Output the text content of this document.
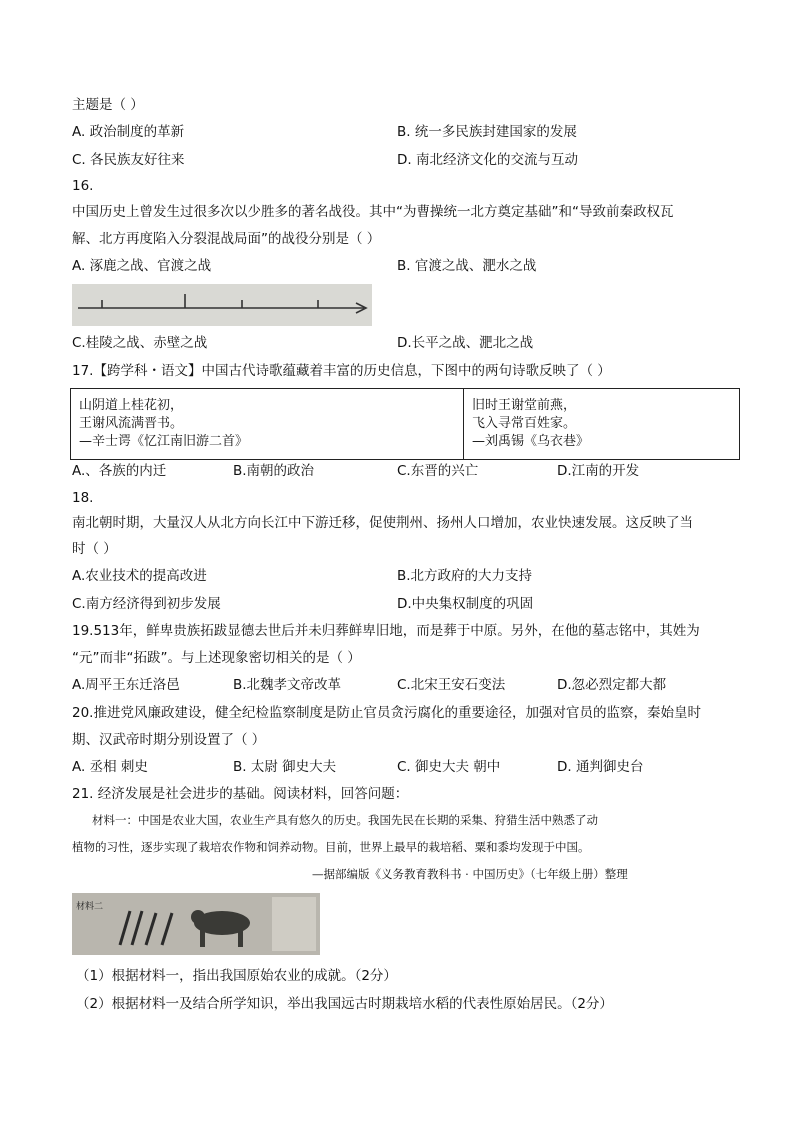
主题是（ ）
A. 政治制度的革新	B. 统一多民族封建国家的发展
C. 各民族友好往来	D. 南北经济文化的交流与互动
16.
中国历史上曾发生过很多次以少胜多的著名战役。其中“为曹操统一北方奠定基础”和“导致前秦政权瓦
解、北方再度陷入分裂混战局面”的战役分别是（ ）
A. 涿鹿之战、官渡之战	B. 官渡之战、淝水之战
C.桂陵之战、赤壁之战	D.长平之战、淝北之战
17.【跨学科・语文】中国古代诗歌蕴藏着丰富的历史信息，下图中的两句诗歌反映了（ ）
山阴道上桂花初，
王谢风流满晋书。
—辛士谔《忆江南旧游二首》
旧时王谢堂前燕，
飞入寻常百姓家。
—刘禹锡《乌衣巷》
A.、各族的内迁	B.南朝的政治	C.东晋的兴亡	D.江南的开发
18.
南北朝时期，大量汉人从北方向长江中下游迁移，促使荆州、扬州人口增加，农业快速发展。这反映了当
时（ ）
A.农业技术的提高改进	B.北方政府的大力支持
C.南方经济得到初步发展	D.中央集权制度的巩固
19.513年，鲜卑贵族拓跋显德去世后并未归葬鲜卑旧地，而是葬于中原。另外，在他的墓志铭中，其姓为
“元”而非“拓跋”。与上述现象密切相关的是（ ）
A.周平王东迁洛邑	B.北魏孝文帝改革	C.北宋王安石变法	D.忽必烈定都大都
20.推进党风廉政建设，健全纪检监察制度是防止官员贪污腐化的重要途径，加强对官员的监察，秦始皇时
期、汉武帝时期分别设置了（ ）
A. 丞相 刺史	B. 太尉 御史大夫	C. 御史大夫 朝中	D. 通判御史台
21. 经济发展是社会进步的基础。阅读材料，回答问题：
材料一：中国是农业大国，农业生产具有悠久的历史。我国先民在长期的采集、狩猎生活中熟悉了动
植物的习性，逐步实现了栽培农作物和饲养动物。目前，世界上最早的栽培稻、粟和黍均发现于中国。
—据部编版《义务教育教科书 · 中国历史》（七年级上册）整理
材料二
（1）根据材料一，指出我国原始农业的成就。（2分）
（2）根据材料一及结合所学知识，举出我国远古时期栽培水稻的代表性原始居民。（2分）
